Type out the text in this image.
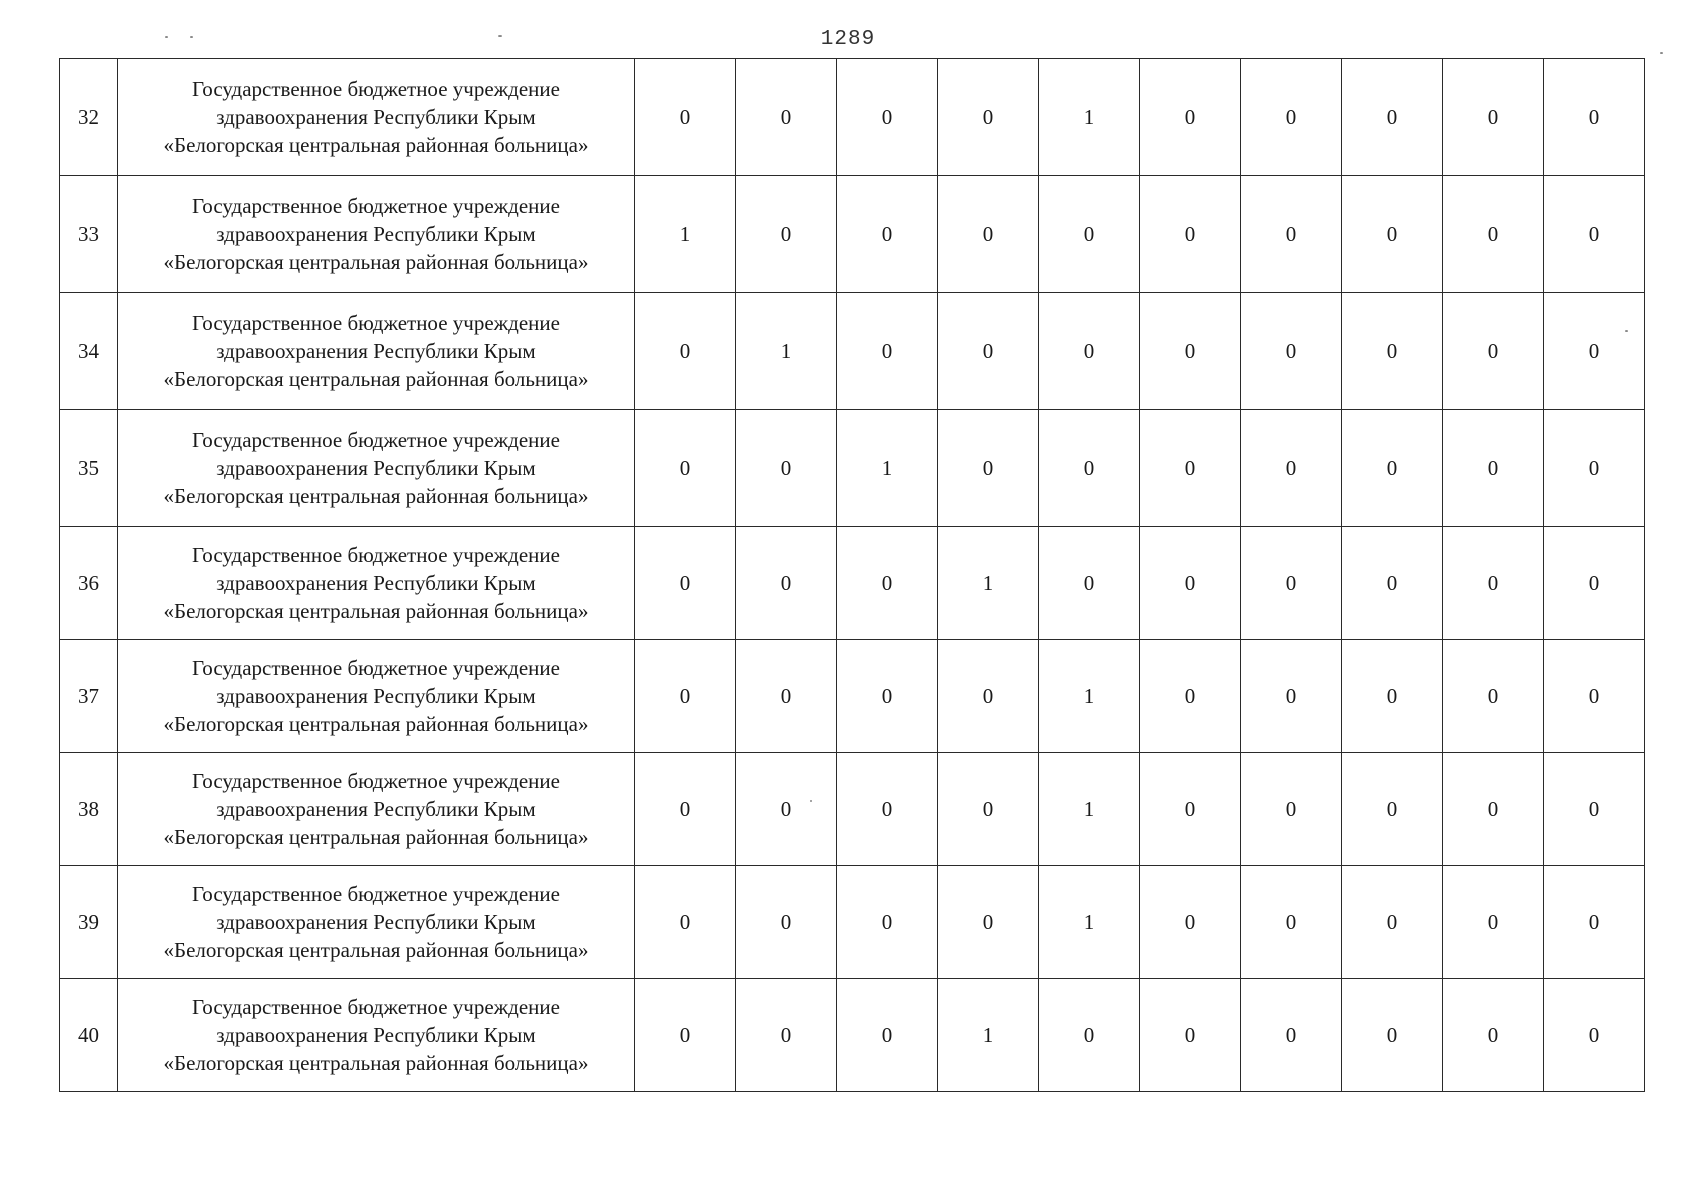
1289
32	Государственное бюджетное учреждение
здравоохранения Республики Крым
«Белогорская центральная районная больница»	0	0	0	0	1	0	0	0	0	0
33	Государственное бюджетное учреждение
здравоохранения Республики Крым
«Белогорская центральная районная больница»	1	0	0	0	0	0	0	0	0	0
34	Государственное бюджетное учреждение
здравоохранения Республики Крым
«Белогорская центральная районная больница»	0	1	0	0	0	0	0	0	0	0
35	Государственное бюджетное учреждение
здравоохранения Республики Крым
«Белогорская центральная районная больница»	0	0	1	0	0	0	0	0	0	0
36	Государственное бюджетное учреждение
здравоохранения Республики Крым
«Белогорская центральная районная больница»	0	0	0	1	0	0	0	0	0	0
37	Государственное бюджетное учреждение
здравоохранения Республики Крым
«Белогорская центральная районная больница»	0	0	0	0	1	0	0	0	0	0
38	Государственное бюджетное учреждение
здравоохранения Республики Крым
«Белогорская центральная районная больница»	0	0	0	0	1	0	0	0	0	0
39	Государственное бюджетное учреждение
здравоохранения Республики Крым
«Белогорская центральная районная больница»	0	0	0	0	1	0	0	0	0	0
40	Государственное бюджетное учреждение
здравоохранения Республики Крым
«Белогорская центральная районная больница»	0	0	0	1	0	0	0	0	0	0
